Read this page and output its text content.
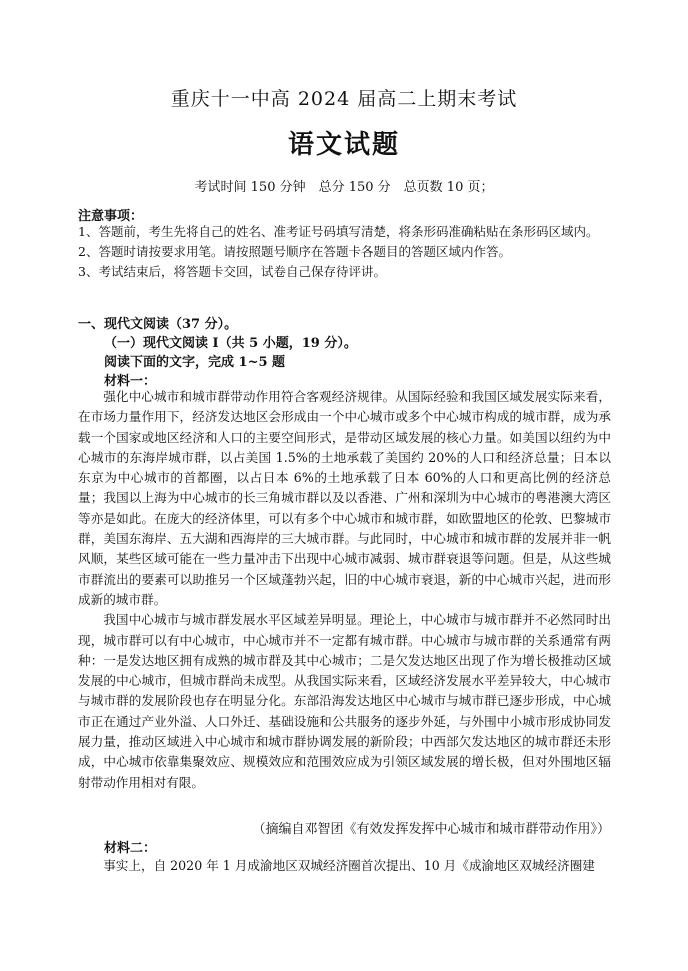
重庆十一中高 2024 届高二上期末考试
语文试题
考试时间 150 分钟　总分 150 分　总页数 10 页；
注意事项：

1、答题前，考生先将自己的姓名、准考证号码填写清楚，将条形码准确粘贴在条形码区域内。

2、答题时请按要求用笔。请按照题号顺序在答题卡各题目的答题区域内作答。

3、考试结束后，将答题卡交回，试卷自己保存待评讲。

一、现代文阅读（37 分）。
（一）现代文阅读 I（共 5 小题，19 分）。
阅读下面的文字，完成 1~5 题
材料一：

强化中心城市和城市群带动作用符合客观经济规律。从国际经验和我国区域发展实际来看，在市场力量作用下，经济发达地区会形成由一个中心城市或多个中心城市构成的城市群，成为承载一个国家或地区经济和人口的主要空间形式，是带动区域发展的核心力量。如美国以纽约为中心城市的东海岸城市群，以占美国 1.5%的土地承载了美国约 20%的人口和经济总量；日本以东京为中心城市的首都圈，以占日本 6%的土地承载了日本 60%的人口和更高比例的经济总量；我国以上海为中心城市的长三角城市群以及以香港、广州和深圳为中心城市的粤港澳大湾区等亦是如此。在庞大的经济体里，可以有多个中心城市和城市群，如欧盟地区的伦敦、巴黎城市群，美国东海岸、五大湖和西海岸的三大城市群。与此同时，中心城市和城市群的发展并非一帆风顺，某些区域可能在一些力量冲击下出现中心城市减弱、城市群衰退等问题。但是，从这些城市群流出的要素可以助推另一个区域蓬勃兴起，旧的中心城市衰退，新的中心城市兴起，进而形成新的城市群。

我国中心城市与城市群发展水平区域差异明显。理论上，中心城市与城市群并不必然同时出现，城市群可以有中心城市，中心城市并不一定都有城市群。中心城市与城市群的关系通常有两种：一是发达地区拥有成熟的城市群及其中心城市；二是欠发达地区出现了作为增长极推动区域发展的中心城市，但城市群尚未成型。从我国实际来看，区域经济发展水平差异较大，中心城市与城市群的发展阶段也存在明显分化。东部沿海发达地区中心城市与城市群已逐步形成，中心城市正在通过产业外溢、人口外迁、基础设施和公共服务的逐步外延，与外围中小城市形成协同发展力量，推动区域进入中心城市和城市群协调发展的新阶段；中西部欠发达地区的城市群还未形成，中心城市依靠集聚效应、规模效应和范围效应成为引领区域发展的增长极，但对外围地区辐射带动作用相对有限。

（摘编自邓智团《有效发挥发挥中心城市和城市群带动作用》）
材料二：

事实上，自 2020 年 1 月成渝地区双城经济圈首次提出、10 月《成渝地区双城经济圈建
